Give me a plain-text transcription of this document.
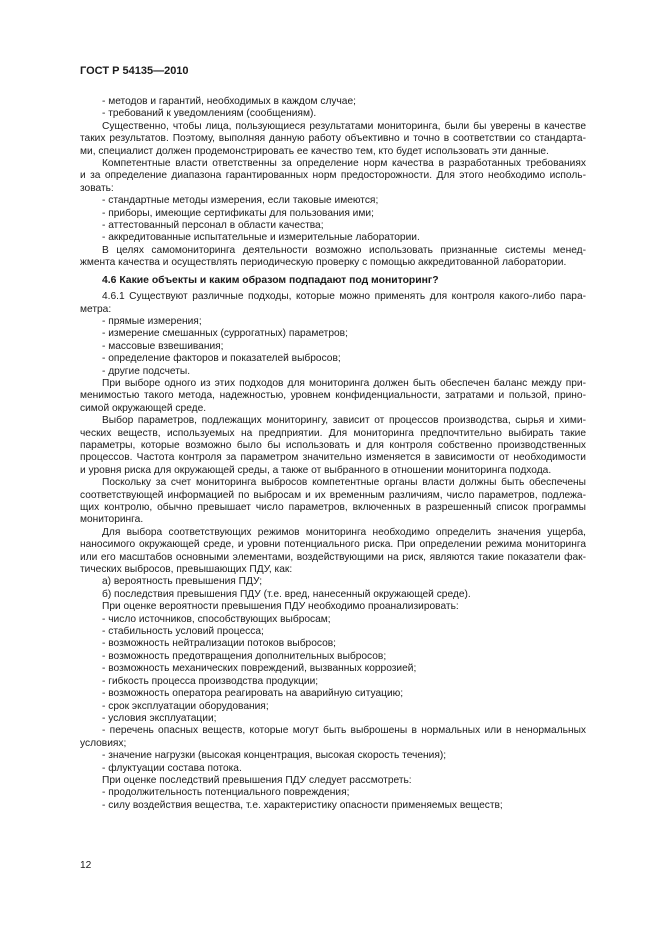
ГОСТ Р 54135—2010
- методов и гарантий, необходимых в каждом случае;
- требований к уведомлениям (сообщениям).
Существенно, чтобы лица, пользующиеся результатами мониторинга, были бы уверены в качестве
таких результатов. Поэтому, выполняя данную работу объективно и точно в соответствии со стандарта-
ми, специалист должен продемонстрировать ее качество тем, кто будет использовать эти данные.
Компетентные власти ответственны за определение норм качества в разработанных требованиях
и за определение диапазона гарантированных норм предосторожности. Для этого необходимо исполь-
зовать:
- стандартные методы измерения, если таковые имеются;
- приборы, имеющие сертификаты для пользования ими;
- аттестованный персонал в области качества;
- аккредитованные испытательные и измерительные лаборатории.
В целях самомониторинга деятельности возможно использовать признанные системы менед-
жмента качества и осуществлять периодическую проверку с помощью аккредитованной лаборатории.
4.6 Какие объекты и каким образом подпадают под мониторинг?
4.6.1 Существуют различные подходы, которые можно применять для контроля какого-либо пара-
метра:
- прямые измерения;
- измерение смешанных (суррогатных) параметров;
- массовые взвешивания;
- определение факторов и показателей выбросов;
- другие подсчеты.
При выборе одного из этих подходов для мониторинга должен быть обеспечен баланс между при-
менимостью такого метода, надежностью, уровнем конфиденциальности, затратами и пользой, прино-
симой окружающей среде.
Выбор параметров, подлежащих мониторингу, зависит от процессов производства, сырья и хими-
ческих веществ, используемых на предприятии. Для мониторинга предпочтительно выбирать такие
параметры, которые возможно было бы использовать и для контроля собственно производственных
процессов. Частота контроля за параметром значительно изменяется в зависимости от необходимости
и уровня риска для окружающей среды, а также от выбранного в отношении мониторинга подхода.
Поскольку за счет мониторинга выбросов компетентные органы власти должны быть обеспечены
соответствующей информацией по выбросам и их временным различиям, число параметров, подлежа-
щих контролю, обычно превышает число параметров, включенных в разрешенный список программы
мониторинга.
Для выбора соответствующих режимов мониторинга необходимо определить значения ущерба,
наносимого окружающей среде, и уровни потенциального риска. При определении режима мониторинга
или его масштабов основными элементами, воздействующими на риск, являются такие показатели фак-
тических выбросов, превышающих ПДУ, как:
а) вероятность превышения ПДУ;
б) последствия превышения ПДУ (т.е. вред, нанесенный окружающей среде).
При оценке вероятности превышения ПДУ необходимо проанализировать:
- число источников, способствующих выбросам;
- стабильность условий процесса;
- возможность нейтрализации потоков выбросов;
- возможность предотвращения дополнительных выбросов;
- возможность механических повреждений, вызванных коррозией;
- гибкость процесса производства продукции;
- возможность оператора реагировать на аварийную ситуацию;
- срок эксплуатации оборудования;
- условия эксплуатации;
- перечень опасных веществ, которые могут быть выброшены в нормальных или в ненормальных
условиях;
- значение нагрузки (высокая концентрация, высокая скорость течения);
- флуктуации состава потока.
При оценке последствий превышения ПДУ следует рассмотреть:
- продолжительность потенциального повреждения;
- силу воздействия вещества, т.е. характеристику опасности применяемых веществ;
12
